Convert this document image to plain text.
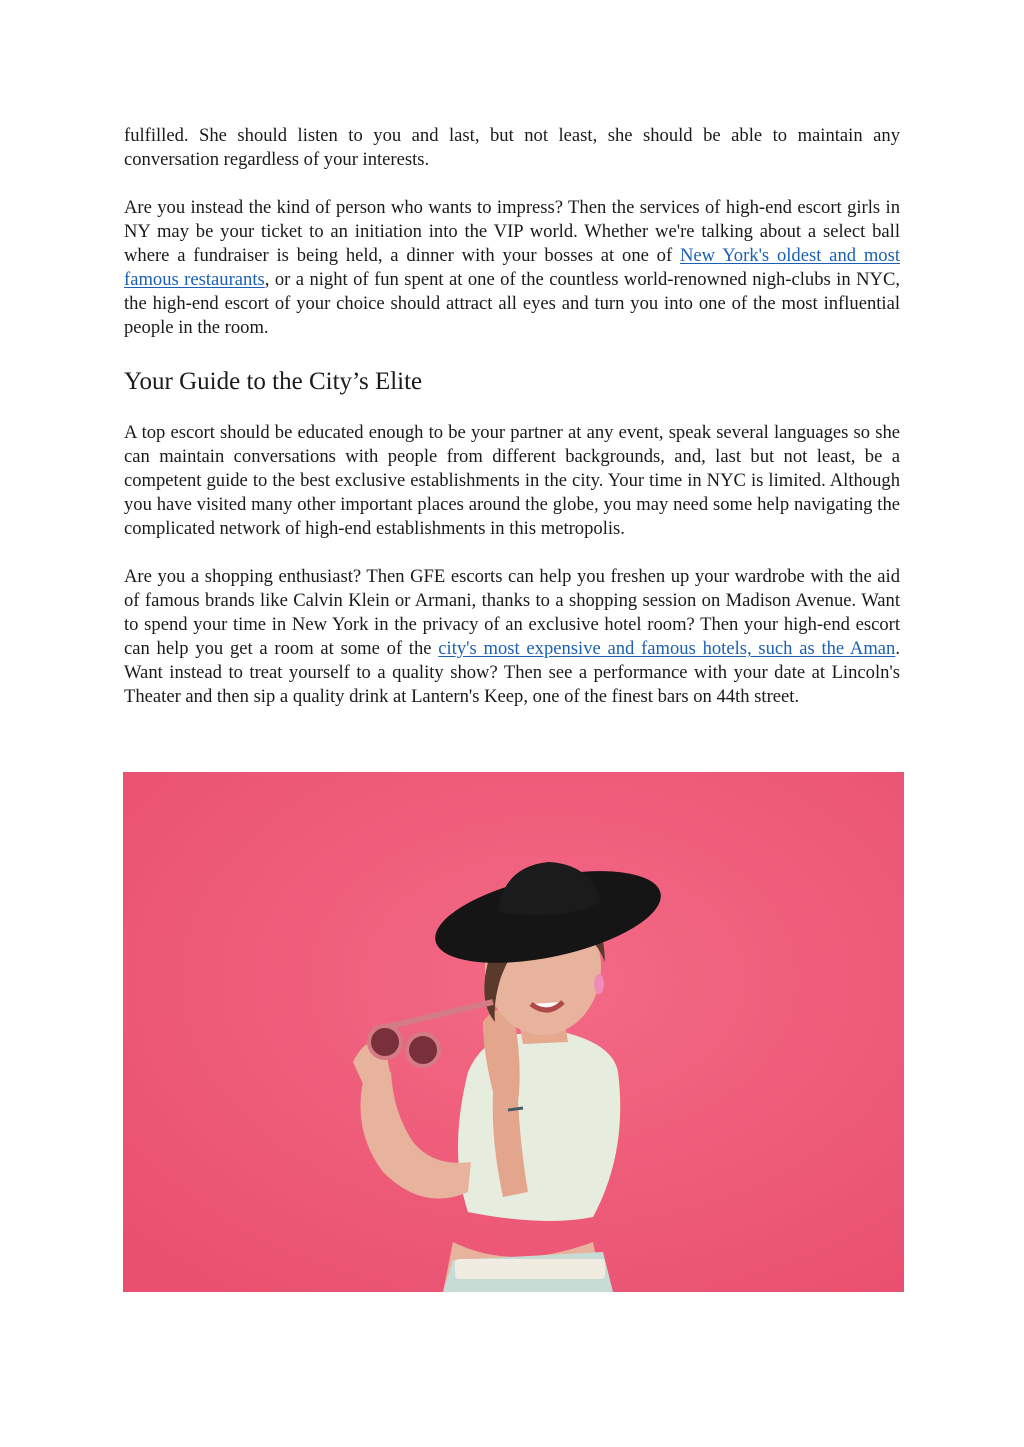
fulfilled. She should listen to you and last, but not least, she should be able to maintain any conversation regardless of your interests.

Are you instead the kind of person who wants to impress? Then the services of high-end escort girls in NY may be your ticket to an initiation into the VIP world. Whether we're talking about a select ball where a fundraiser is being held, a dinner with your bosses at one of New York's oldest and most famous restaurants, or a night of fun spent at one of the countless world-renowned nigh-clubs in NYC, the high-end escort of your choice should attract all eyes and turn you into one of the most influential people in the room.

Your Guide to the City’s Elite

A top escort should be educated enough to be your partner at any event, speak several languages so she can maintain conversations with people from different backgrounds, and, last but not least, be a competent guide to the best exclusive establishments in the city. Your time in NYC is limited. Although you have visited many other important places around the globe, you may need some help navigating the complicated network of high-end establishments in this metropolis.

Are you a shopping enthusiast? Then GFE escorts can help you freshen up your wardrobe with the aid of famous brands like Calvin Klein or Armani, thanks to a shopping session on Madison Avenue. Want to spend your time in New York in the privacy of an exclusive hotel room? Then your high-end escort can help you get a room at some of the city's most expensive and famous hotels, such as the Aman. Want instead to treat yourself to a quality show? Then see a performance with your date at Lincoln's Theater and then sip a quality drink at Lantern's Keep, one of the finest bars on 44th street.
